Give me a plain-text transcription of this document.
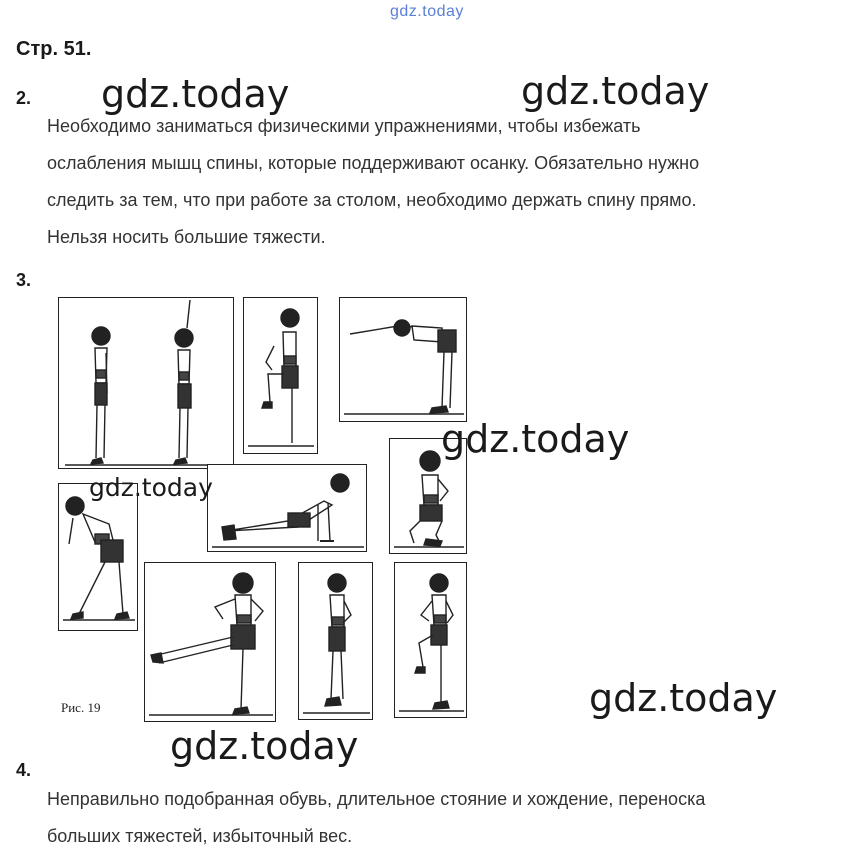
gdz.today
Стр. 51.
2.
Необходимо заниматься физическими упражнениями, чтобы избежать
ослабления мышц спины, которые поддерживают осанку. Обязательно нужно
следить за тем, что при работе за столом, необходимо держать спину прямо.
Нельзя носить большие тяжести.
3.
Рис. 19
4.
Неправильно подобранная обувь, длительное стояние и хождение, переноска
больших тяжестей, избыточный вес.
gdz.today	gdz.today
gdz.today
gdz.today
gdz.today
gdz.today
